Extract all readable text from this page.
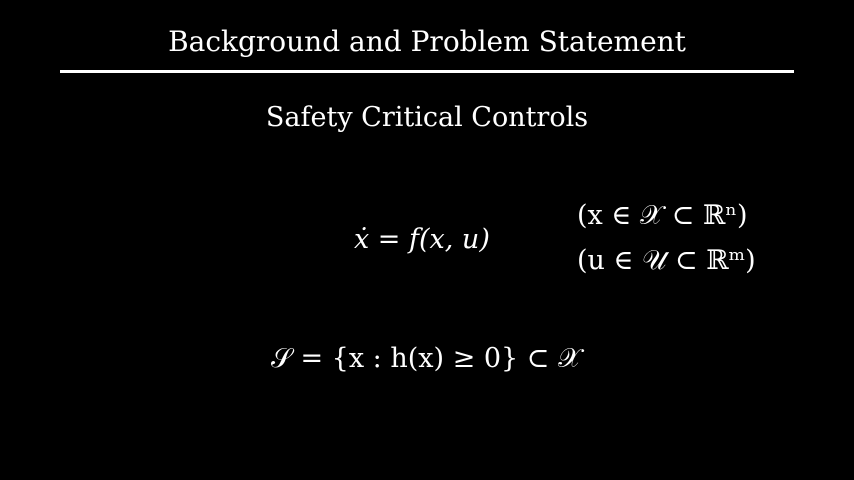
Background and Problem Statement
Safety Critical Controls
ẋ = f(x, u)
(x ∈ 𝒳 ⊂ ℝⁿ)
(u ∈ 𝒰 ⊂ ℝᵐ)
𝒮 = {x : h(x) ≥ 0} ⊂ 𝒳
